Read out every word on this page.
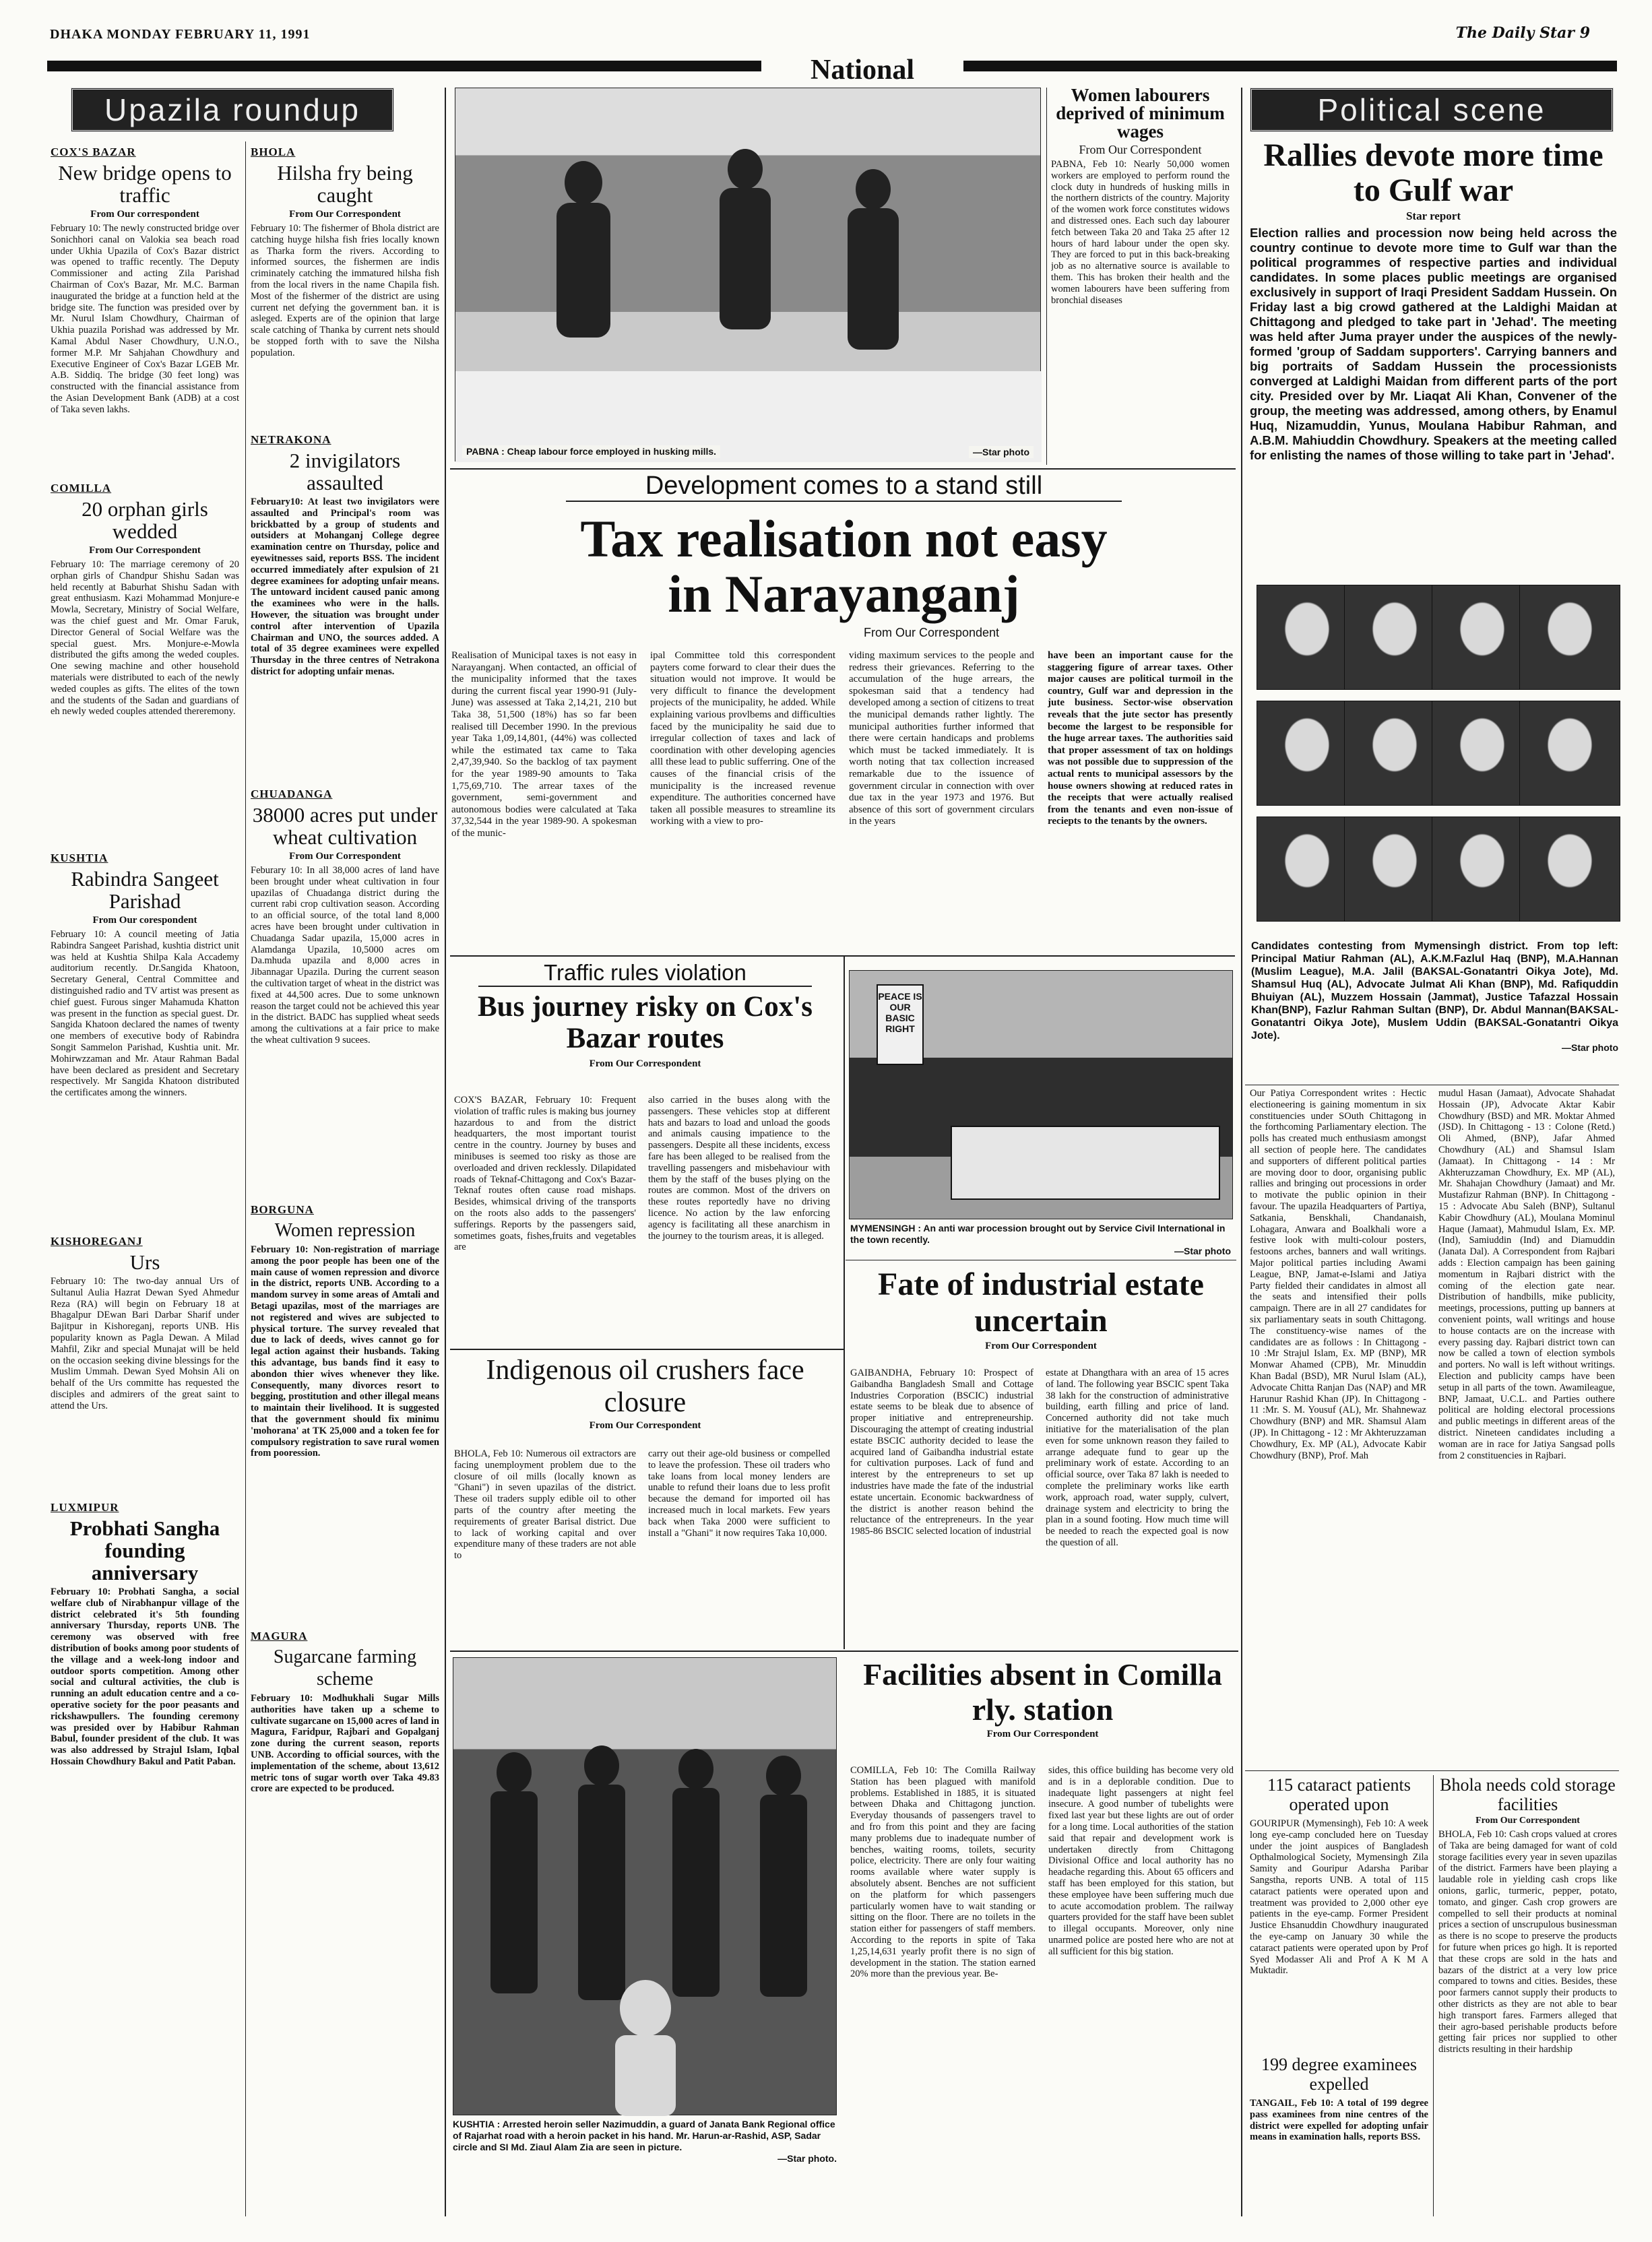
DHAKA MONDAY FEBRUARY 11, 1991	The Daily Star 9
National
Upazila roundup
COX'S BAZAR
New bridge opens to traffic
From Our correspondent
February 10: The newly constructed bridge over Sonichhori canal on Valokia sea beach road under Ukhia Upazila of Cox's Bazar district was opened to traffic recently. The Deputy Commissioner and acting Zila Parishad Chairman of Cox's Bazar, Mr. M.C. Barman inaugurated the bridge at a function held at the bridge site. The function was presided over by Mr. Nurul Islam Chowdhury, Chairman of Ukhia puazila Porishad was addressed by Mr. Kamal Abdul Naser Chowdhury, U.N.O., former M.P. Mr Sahjahan Chowdhury and Executive Engineer of Cox's Bazar LGEB Mr. A.B. Siddiq. The bridge (30 feet long) was constructed with the financial assistance from the Asian Development Bank (ADB) at a cost of Taka seven lakhs.
COMILLA
20 orphan girls wedded
From Our Correspondent
February 10: The marriage ceremony of 20 orphan girls of Chandpur Shishu Sadan was held recently at Baburhat Shishu Sadan with great enthusiasm. Kazi Mohammad Monjure-e Mowla, Secretary, Ministry of Social Welfare, was the chief guest and Mr. Omar Faruk, Director General of Social Welfare was the special guest. Mrs. Monjure-e-Mowla distributed the gifts among the weded couples. One sewing machine and other household materials were distributed to each of the newly weded couples as gifts. The elites of the town and the students of the Sadan and guardians of eh newly weded couples attended thereremony.
KUSHTIA
Rabindra Sangeet Parishad
From Our corespondent
February 10: A council meeting of Jatia Rabindra Sangeet Parishad, kushtia district unit was held at Kushtia Shilpa Kala Accademy auditorium recently. Dr.Sangida Khatoon, Secretary General, Central Committee and distinguished radio and TV artist was present as chief guest. Furous singer Mahamuda Khatton was present in the function as special guest. Dr. Sangida Khatoon declared the names of twenty one members of executive body of Rabindra Songit Sammelon Parishad, Kushtia unit. Mr. Mohirwzzaman and Mr. Ataur Rahman Badal have been declared as president and Secretary respectively. Mr Sangida Khatoon distributed the certificates among the winners.
KISHOREGANJ
Urs
February 10: The two-day annual Urs of Sultanul Aulia Hazrat Dewan Syed Ahmedur Reza (RA) will begin on February 18 at Bhagalpur DEwan Bari Darbar Sharif under Bajitpur in Kishoreganj, reports UNB. His popularity known as Pagla Dewan. A Milad Mahfil, Zikr and special Munajat will be held on the occasion seeking divine blessings for the Muslim Ummah. Dewan Syed Mohsin Ali on behalf of the Urs committe has requested the disciples and admirers of the great saint to attend the Urs.
LUXMIPUR
Probhati Sangha founding anniversary
February 10: Probhati Sangha, a social welfare club of Nirabhanpur village of the district celebrated it's 5th founding anniversary Thursday, reports UNB. The ceremony was observed with free distribution of books among poor students of the village and a week-long indoor and outdoor sports competition. Among other social and cultural activities, the club is running an adult education centre and a co-operative society for the poor peasants and rickshawpullers. The founding ceremony was presided over by Habibur Rahman Babul, founder president of the club. It was was also addressed by Strajul Islam, Iqbal Hossain Chowdhury Bakul and Patit Paban.
BHOLA
Hilsha fry being caught
From Our Correspondent
February 10: The fishermer of Bhola district are catching huyge hilsha fish fries locally known as Tharka form the rivers. According to informed sources, the fishermen are indis criminately catching the immatured hilsha fish from the local rivers in the name Chapila fish. Most of the fishermer of the district are using current net defying the government ban. it is asleged. Experts are of the opinion that large scale catching of Thanka by current nets should be stopped forth with to save the Nilsha population.
NETRAKONA
2 invigilators assaulted
February10: At least two invigilators were assaulted and Principal's room was brickbatted by a group of students and outsiders at Mohanganj College degree examination centre on Thursday, police and eyewitnesses said, reports BSS. The incident occurred immediately after expulsion of 21 degree examinees for adopting unfair means. The untoward incident caused panic among the examinees who were in the halls. However, the situation was brought under control after intervention of Upazila Chairman and UNO, the sources added. A total of 35 degree examinees were expelled Thursday in the three centres of Netrakona district for adopting unfair menas.
CHUADANGA
38000 acres put under wheat cultivation
From Our Correspondent
Feburary 10: In all 38,000 acres of land have been brought under wheat cultivation in four upazilas of Chuadanga district during the current rabi crop cultivation season. According to an official source, of the total land 8,000 acres have been brought under cultivation in Chuadanga Sadar upazila, 15,000 acres in Alamdanga Upazila, 10,5000 acres om Da.mhuda upazila and 8,000 acres in Jibannagar Upazila. During the current season the cultivation target of wheat in the district was fixed at 44,500 acres. Due to some unknown reason the target could not be achieved this year in the district. BADC has supplied wheat seeds among the cultivations at a fair price to make the wheat cultivation 9 sucees.
BORGUNA
Women repression
February 10: Non-registration of marriage among the poor people has been one of the main cause of women repression and divorce in the district, reports UNB. According to a mandom survey in some areas of Amtali and Betagi upazilas, most of the marriages are not registered and wives are subjected to physical torture. The survey revealed that due to lack of deeds, wives cannot go for legal action against their husbands. Taking this advantage, bus bands find it easy to abondon thier wives whenever they like. Consequently, many divorces resort to begging, prostitution and other illegal means to maintain their livelihood. It is suggested that the government should fix minimu 'mohorana' at TK 25,000 and a token fee for compulsory registration to save rural women from pooression.
MAGURA
Sugarcane farming scheme
February 10: Modhukhali Sugar Mills authorities have taken up a scheme to cultivate sugarcane on 15,000 acres of land in Magura, Faridpur, Rajbari and Gopalganj zone during the current season, reports UNB. According to official sources, with the implementation of the scheme, about 13,612 metric tons of sugar worth over Taka 49.83 crore are expected to be produced.
PABNA : Cheap labour force employed in husking mills.	—Star photo
Women labourers deprived of minimum wages
From Our Correspondent
PABNA, Feb 10: Nearly 50,000 women workers are employed to perform round the clock duty in hundreds of husking mills in the northern districts of the country. Majority of the women work force constitutes widows and distressed ones. Each such day labourer fetch between Taka 20 and Taka 25 after 12 hours of hard labour under the open sky. They are forced to put in this back-breaking job as no alternative source is available to them. This has broken their health and the women labourers have been suffering from bronchial diseases
Development comes to a stand still
Tax realisation not easy in Narayanganj
From Our Correspondent
Realisation of Municipal taxes is not easy in Narayanganj. When contacted, an official of the municipality informed that the taxes during the current fiscal year 1990-91 (July-June) was assessed at Taka 2,14,21, 210 but Taka 38, 51,500 (18%) has so far been realised till December 1990. In the previous year Taka 1,09,14,801, (44%) was collected while the estimated tax came to Taka 2,47,39,940. So the backlog of tax payment for the year 1989-90 amounts to Taka 1,75,69,710. The arrear taxes of the government, semi-government and autonomous bodies were calculated at Taka 37,32,544 in the year 1989-90. A spokesman of the munic-
ipal Committee told this correspondent payters come forward to clear their dues the situation would not improve. It would be very difficult to finance the development projects of the municipality, he added. While explaining various provlbems and difficulties faced by the municipality he said due to irregular collection of taxes and lack of coordination with other developing agencies alll these lead to public sufferring. One of the causes of the financial crisis of the municipality is the increased revenue expenditure. The authorities concerned have taken all possible measures to streamline its working with a view to pro-
viding maximum services to the people and redress their grievances. Referring to the accumulation of the huge arrears, the spokesman said that a tendency had developed among a section of citizens to treat the municipal demands rather lightly. The municipal authorities further informed that there were certain handicaps and problems which must be tacked immediately. It is worth noting that tax collection increased remarkable due to the issuence of government circular in connection with over due tax in the year 1973 and 1976. But absence of this sort of government circulars in the years
have been an important cause for the staggering figure of arrear taxes. Other major causes are political turmoil in the country, Gulf war and depression in the jute business. Sector-wise observation reveals that the jute sector has presently become the largest to be responsible for the huge arrear taxes. The authorities said that proper assessment of tax on holdings was not possible due to suppression of the actual rents to municipal assessors by the house owners showing at reduced rates in the receipts that were actually realised from the tenants and even non-issue of reciepts to the tenants by the owners.
Traffic rules violation
Bus journey risky on Cox's Bazar routes
From Our Correspondent
COX'S BAZAR, February 10: Frequent violation of traffic rules is making bus journey hazardous to and from the district headquarters, the most important tourist centre in the country. Journey by buses and minibuses is seemed too risky as those are overloaded and driven recklessly. Dilapidated roads of Teknaf-Chittagong and Cox's Bazar-Teknaf routes often cause road mishaps. Besides, whimsical driving of the transports on the roots also adds to the passengers' sufferings. Reports by the passengers said, sometimes goats, fishes,fruits and vegetables are
also carried in the buses along with the passengers. These vehicles stop at different hats and bazars to load and unload the goods and animals causing impatience to the passengers. Despite all these incidents, excess fare has been alleged to be realised from the travelling passengers and misbehaviour with them by the staff of the buses plying on the routes are common. Most of the drivers on these routes reportedly have no driving licence. No action by the law enforcing agency is facilitating all these anarchism in the journey to the tourism areas, it is alleged.
PEACE IS OUR BASIC RIGHT
MYMENSINGH : An anti war procession brought out by Service Civil International in the town recently.
—Star photo
Fate of industrial estate uncertain
From Our Correspondent
GAIBANDHA, February 10: Prospect of Gaibandha Bangladesh Small and Cottage Industries Corporation (BSCIC) industrial estate seems to be bleak due to absence of proper initiative and entrepreneurship. Discouraging the attempt of creating industrial estate BSCIC authority decided to lease the acquired land of Gaibandha industrial estate for cultivation purposes. Lack of fund and interest by the entrepreneurs to set up industries have made the fate of the industrial estate uncertain. Economic backwardness of the district is another reason behind the reluctance of the entrepreneurs. In the year 1985-86 BSCIC selected location of industrial
estate at Dhangthara with an area of 15 acres of land. The following year BSCIC spent Taka 38 lakh for the construction of administrative building, earth filling and price of land. Concerned authority did not take much initiative for the materialisation of the plan even for some unknown reason they failed to arrange adequate fund to gear up the preliminary work of estate. According to an official source, over Taka 87 lakh is needed to complete the preliminary works like earth work, approach road, water supply, culvert, drainage system and electricity to bring the plan in a sound footing. How much time will be needed to reach the expected goal is now the question of all.
Indigenous oil crushers face closure
From Our Correspondent
BHOLA, Feb 10: Numerous oil extractors are facing unemployment problem due to the closure of oil mills (locally known as "Ghani") in seven upazilas of the district. These oil traders supply edible oil to other parts of the country after meeting the requirements of greater Barisal district. Due to lack of working capital and over expenditure many of these traders are not able to
carry out their age-old business or compelled to leave the profession. These oil traders who take loans from local money lenders are unable to refund their loans due to less profit because the demand for imported oil has increased much in local markets. Few years back when Taka 2000 were sufficient to install a "Ghani" it now requires Taka 10,000.
KUSHTIA : Arrested heroin seller Nazimuddin, a guard of Janata Bank Regional office of Rajarhat road with a heroin packet in his hand. Mr. Harun-ar-Rashid, ASP, Sadar circle and SI Md. Ziaul Alam Zia are seen in picture.
—Star photo.
Facilities absent in Comilla rly. station
From Our Correspondent
COMILLA, Feb 10: The Comilla Railway Station has been plagued with manifold problems. Established in 1885, it is situated between Dhaka and Chittagong junction. Everyday thousands of passengers travel to and fro from this point and they are facing many problems due to inadequate number of benches, waiting rooms, toilets, security police, electricity. There are only four waiting rooms available where water supply is absolutely absent. Benches are not sufficient on the platform for which passengers particularly women have to wait standing or sitting on the floor. There are no toilets in the station either for passengers of staff members. According to the reports in spite of Taka 1,25,14,631 yearly profit there is no sign of development in the station. The station earned 20% more than the previous year. Be-
sides, this office building has become very old and is in a deplorable condition. Due to inadequate light passengers at night feel insecure. A good number of tubelights were fixed last year but these lights are out of order for a long time. Local authorities of the station said that repair and development work is undertaken directly from Chittagong Divisional Office and local authority has no headache regarding this. About 65 officers and staff has been employed for this station, but these employee have been suffering much due to acute accomodation problem. The railway quarters provided for the staff have been sublet to illegal occupants. Moreover, only nine unarmed police are posted here who are not at all sufficient for this big station.
Political scene
Rallies devote more time to Gulf war
Star report
Election rallies and procession now being held across the country continue to devote more time to Gulf war than the political programmes of respective parties and individual candidates. In some places public meetings are organised exclusively in support of Iraqi President Saddam Hussein. On Friday last a big crowd gathered at the Laldighi Maidan at Chittagong and pledged to take part in 'Jehad'. The meeting was held after Juma prayer under the auspices of the newly-formed 'group of Saddam supporters'. Carrying banners and big portraits of Saddam Hussein the processionists converged at Laldighi Maidan from different parts of the port city. Presided over by Mr. Liaqat Ali Khan, Convener of the group, the meeting was addressed, among others, by Enamul Huq, Nizamuddin, Yunus, Moulana Habibur Rahman, and A.B.M. Mahiuddin Chowdhury. Speakers at the meeting called for enlisting the names of those willing to take part in 'Jehad'.
Candidates contesting from Mymensingh district. From top left: Principal Matiur Rahman (AL), A.K.M.Fazlul Haq (BNP), M.A.Hannan (Muslim League), M.A. Jalil (BAKSAL-Gonatantri Oikya Jote), Md. Shamsul Huq (AL), Advocate Julmat Ali Khan (BNP), Md. Rafiquddin Bhuiyan (AL), Muzzem Hossain (Jammat), Justice Tafazzal Hossain Khan(BNP), Fazlur Rahman Sultan (BNP), Dr. Abdul Mannan(BAKSAL-Gonatantri Oikya Jote), Muslem Uddin (BAKSAL-Gonatantri Oikya Jote).
—Star photo
Our Patiya Correspondent writes : Hectic electioneering is gaining momentum in six constituencies under SOuth Chittagong in the forthcoming Parliamentary election. The polls has created much enthusiasm amongst all section of people here. The candidates and supporters of different political parties are moving door to door, organising public rallies and bringing out processions in order to motivate the public opinion in their favour. The upazila Headquarters of Partiya, Satkania, Benskhali, Chandanaish, Lohagara, Anwara and Boalkhali wore a festive look with multi-colour posters, festoons arches, banners and wall writings. Major political parties including Awami League, BNP, Jamat-e-Islami and Jatiya Party fielded their candidates in almost all the seats and intensified their polls campaign. There are in all 27 candidates for six parliamentary seats in south Chittagong. The constituency-wise names of the candidates are as follows : In Chittagong - 10 :Mr Strajul Islam, Ex. MP (BNP), MR Monwar Ahamed (CPB), Mr. Minuddin Khan Badal (BSD), MR Nurul Islam (AL), Advocate Chitta Ranjan Das (NAP) and MR Harunur Rashid Khan (JP). In Chittagong - 11 :Mr. S. M. Yousuf (AL), Mr. Shahnewaz Chowdhury (BNP) and MR. Shamsul Alam (JP). In Chittagong - 12 : Mr Akhteruzzaman Chowdhury, Ex. MP (AL), Advocate Kabir Chowdhury (BNP), Prof. Mah
mudul Hasan (Jamaat), Advocate Shahadat Hossain (JP), Advocate Aktar Kabir Chowdhury (BSD) and MR. Moktar Ahmed (JSD). In Chittagong - 13 : Colone (Retd.) Oli Ahmed, (BNP), Jafar Ahmed Chowdhury (AL) and Shamsul Islam (Jamaat). In Chittagong - 14 : Mr Akhteruzzaman Chowdhury, Ex. MP (AL), Mr. Shahajan Chowdhury (Jamaat) and Mr. Mustafizur Rahman (BNP). In Chittagong - 15 : Advocate Abu Saleh (BNP), Sultanul Kabir Chowdhury (AL), Moulana Mominul Haque (Jamaat), Mahmudul Islam, Ex. MP. (Ind), Samiuddin (Ind) and Diamuddin (Janata Dal). A Correspondent from Rajbari adds : Election campaign has been gaining momentum in Rajbari district with the coming of the election gate near. Distribution of handbills, mike publicity, meetings, processions, putting up banners at convenient points, wall writings and house to house contacts are on the increase with every passing day. Rajbari district town can now be called a town of election symbols and porters. No wall is left without writings. Election and publicity camps have been setup in all parts of the town. Awamileague, BNP, Jamaat, U.C.L. and Parties outhere political are holding electoral processions and public meetings in different areas of the district. Nineteen candidates including a woman are in race for Jatiya Sangsad polls from 2 constituencies in Rajbari.
115 cataract patients operated upon
GOURIPUR (Mymensingh), Feb 10: A week long eye-camp concluded here on Tuesday under the joint auspices of Bangladesh Opthalmological Society, Mymensingh Zila Samity and Gouripur Adarsha Paribar Sangstha, reports UNB. A total of 115 cataract patients were operated upon and treatment was provided to 2,000 other eye patients in the eye-camp. Former President Justice Ehsanuddin Chowdhury inaugurated the eye-camp on January 30 while the cataract patients were operated upon by Prof Syed Modasser Ali and Prof A K M A Muktadir.
199 degree examinees expelled
TANGAIL, Feb 10: A total of 199 degree pass examinees from nine centres of the district were expelled for adopting unfair means in examination halls, reports BSS.
Bhola needs cold storage facilities
From Our Correspondent
BHOLA, Feb 10: Cash crops valued at crores of Taka are being damaged for want of cold storage facilities every year in seven upazilas of the district. Farmers have been playing a laudable role in yielding cash crops like onions, garlic, turmeric, pepper, potato, tomato, and ginger. Cash crop growers are compelled to sell their products at nominal prices a section of unscrupulous businessman as there is no scope to preserve the products for future when prices go high. It is reported that these crops are sold in the hats and bazars of the district at a very low price compared to towns and cities. Besides, these poor farmers cannot supply their products to other districts as they are not able to bear high transport fares. Farmers alleged that their agro-based perishable products before getting fair prices nor supplied to other districts resulting in their hardship
